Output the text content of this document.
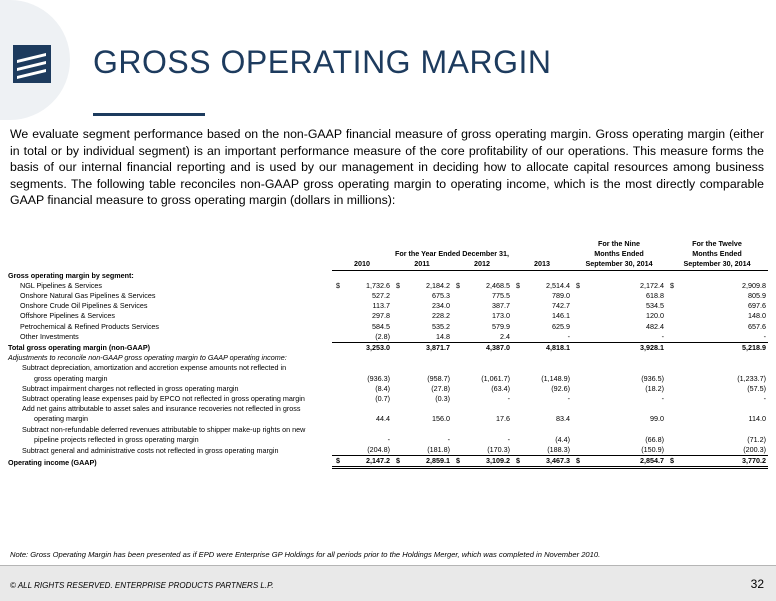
GROSS OPERATING MARGIN
We evaluate segment performance based on the non-GAAP financial measure of gross operating margin. Gross operating margin (either in total or by individual segment) is an important performance measure of the core profitability of our operations. This measure forms the basis of our internal financial reporting and is used by our management in deciding how to allocate capital resources among business segments. The following table reconciles non-GAAP gross operating margin to operating income, which is the most directly comparable GAAP financial measure to gross operating margin (dollars in millions):
					For the Nine	For the Twelve
	For the Year Ended December 31,				Months Ended	Months Ended
	2010	2011	2012	2013	September 30, 2014	September 30, 2014
Gross operating margin by segment:						
NGL Pipelines & Services	$ 1,732.6	$ 2,184.2	$ 2,468.5	$ 2,514.4	$ 2,172.4	$ 2,909.8
Onshore Natural Gas Pipelines & Services	527.2	675.3	775.5	789.0	618.8	805.9
Onshore Crude Oil Pipelines & Services	113.7	234.0	387.7	742.7	534.5	697.6
Offshore Pipelines & Services	297.8	228.2	173.0	146.1	120.0	148.0
Petrochemical & Refined Products Services	584.5	535.2	579.9	625.9	482.4	657.6
Other Investments	(2.8)	14.8	2.4	-	-	-
Total gross operating margin (non-GAAP)	3,253.0	3,871.7	4,387.0	4,818.1	3,928.1	5,218.9
Adjustments to reconcile non-GAAP gross operating margin to GAAP operating income:						
Subtract depreciation, amortization and accretion expense amounts not reflected in						
gross operating margin	(936.3)	(958.7)	(1,061.7)	(1,148.9)	(936.5)	(1,233.7)
Subtract impairment charges not reflected in gross operating margin	(8.4)	(27.8)	(63.4)	(92.6)	(18.2)	(57.5)
Subtract operating lease expenses paid by EPCO not reflected in gross operating margin	(0.7)	(0.3)	-	-	-	-
Add net gains attributable to asset sales and insurance recoveries not reflected in gross						
operating margin	44.4	156.0	17.6	83.4	99.0	114.0
Subtract non-refundable deferred revenues attributable to shipper make-up rights on new						
pipeline projects reflected in gross operating margin	-	-	-	(4.4)	(66.8)	(71.2)
Subtract general and administrative costs not reflected in gross operating margin	(204.8)	(181.8)	(170.3)	(188.3)	(150.9)	(200.3)
Operating income (GAAP)	$ 2,147.2	$ 2,859.1	$ 3,109.2	$ 3,467.3	$ 2,854.7	$ 3,770.2
Note: Gross Operating Margin has been presented as if EPD were Enterprise GP Holdings for all periods prior to the Holdings Merger, which was completed in November 2010.
© ALL RIGHTS RESERVED. ENTERPRISE PRODUCTS PARTNERS L.P.	32
